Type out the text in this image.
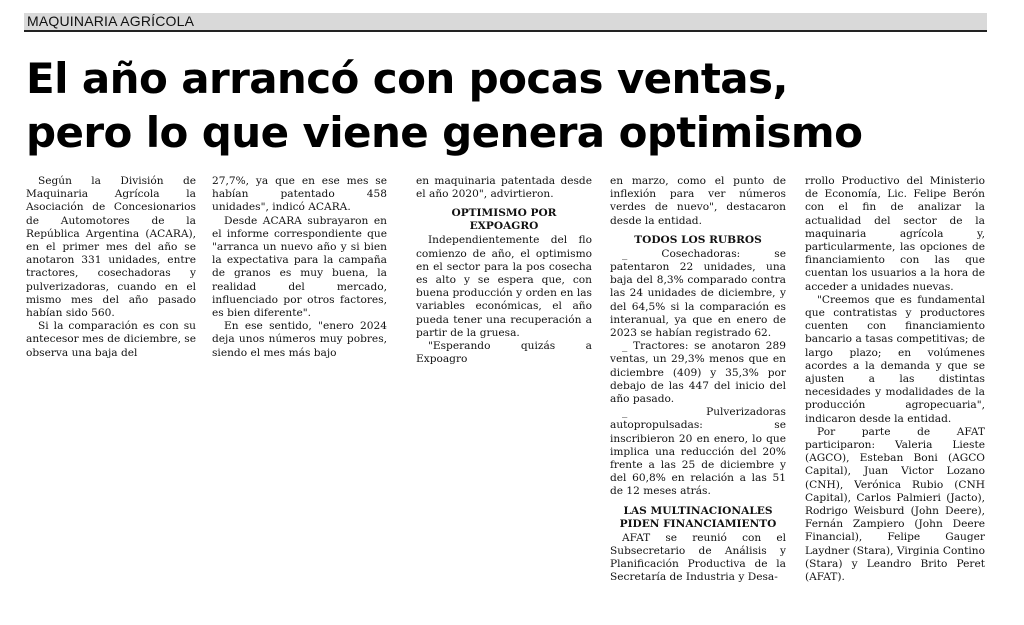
MAQUINARIA AGRÍCOLA
El año arrancó con pocas ventas,
pero lo que viene genera optimismo

Según la División de Maquinaria Agrícola la Asociación de Concesionarios de Automotores de la República Argentina (ACARA), en el primer mes del año se anotaron 331 unidades, entre tractores, cosechadoras y pulverizadoras, cuando en el mismo mes del año pasado habían sido 560.

Si la comparación es con su antecesor mes de diciembre, se observa una baja del

27,7%, ya que en ese mes se habían patentado 458 unidades", indicó ACARA.

Desde ACARA subrayaron en el informe correspondiente que "arranca un nuevo año y si bien la expectativa para la campaña de granos es muy buena, la realidad del mercado, influenciado por otros factores, es bien diferente".

En ese sentido, "enero 2024 deja unos números muy pobres, siendo el mes más bajo

en maquinaria patentada desde el año 2020", advirtieron.

OPTIMISMO POR EXPOAGRO

Independientemente del flo comienzo de año, el optimismo en el sector para la pos cosecha es alto y se espera que, con buena producción y orden en las variables económicas, el año pueda tener una recuperación a partir de la gruesa.

"Esperando quizás a Expoagro

en marzo, como el punto de inflexión para ver números verdes de nuevo", destacaron desde la entidad.

TODOS LOS RUBROS

_ Cosechadoras: se patentaron 22 unidades, una baja del 8,3% comparado contra las 24 unidades de diciembre, y del 64,5% si la comparación es interanual, ya que en enero de 2023 se habían registrado 62.

_ Tractores: se anotaron 289 ventas, un 29,3% menos que en diciembre (409) y 35,3% por debajo de las 447 del inicio del año pasado.

_ Pulverizadoras autopropulsadas: se inscribieron 20 en enero, lo que implica una reducción del 20% frente a las 25 de diciembre y del 60,8% en relación a las 51 de 12 meses atrás.

LAS MULTINACIONALES PIDEN FINANCIAMIENTO

AFAT se reunió con el Subsecretario de Análisis y Planificación Productiva de la Secretaría de Industria y Desa-

rrollo Productivo del Ministerio de Economía, Lic. Felipe Berón con el fin de analizar la actualidad del sector de la maquinaria agrícola y, particularmente, las opciones de financiamiento con las que cuentan los usuarios a la hora de acceder a unidades nuevas.

"Creemos que es fundamental que contratistas y productores cuenten con financiamiento bancario a tasas competitivas; de largo plazo; en volúmenes acordes a la demanda y que se ajusten a las distintas necesidades y modalidades de la producción agropecuaria", indicaron desde la entidad.

Por parte de AFAT participaron: Valeria Lieste (AGCO), Esteban Boni (AGCO Capital), Juan Victor Lozano (CNH), Verónica Rubio (CNH Capital), Carlos Palmieri (Jacto), Rodrigo Weisburd (John Deere), Fernán Zampiero (John Deere Financial), Felipe Gauger Laydner (Stara), Virginia Contino (Stara) y Leandro Brito Peret (AFAT).
